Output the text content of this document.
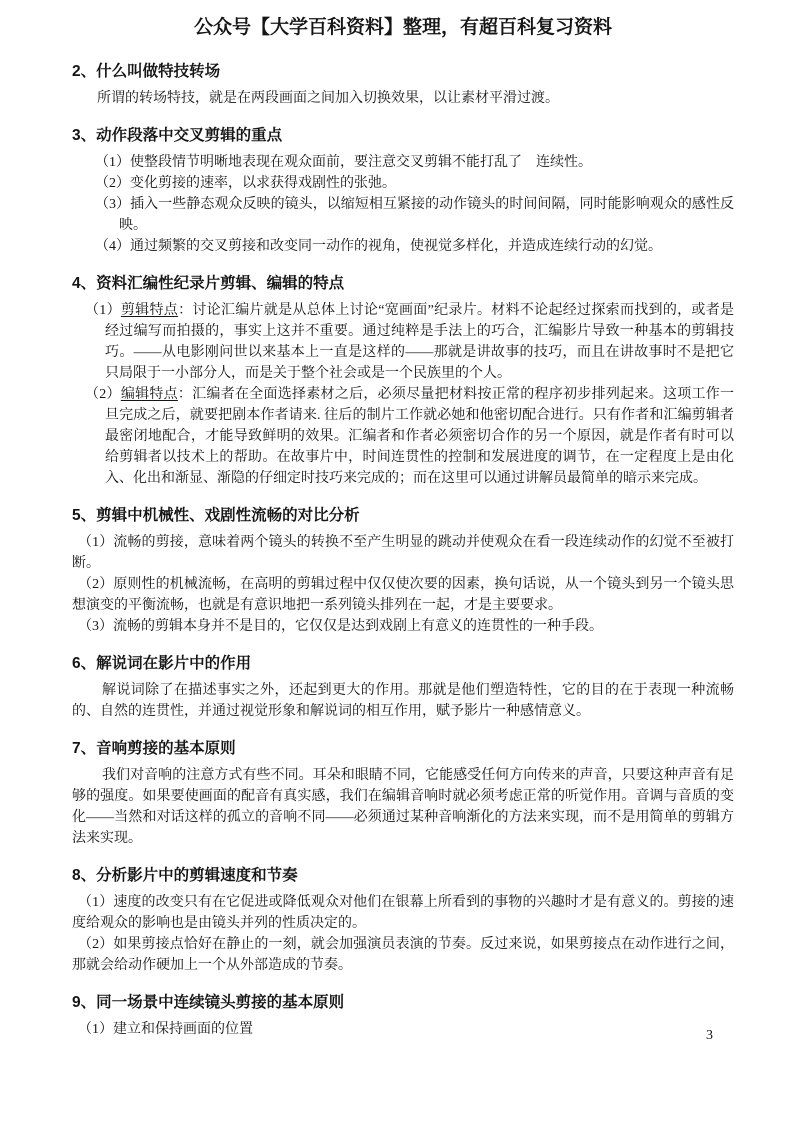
公众号【大学百科资料】整理，有超百科复习资料
2、什么叫做特技转场

所谓的转场特技，就是在两段画面之间加入切换效果，以让素材平滑过渡。

3、动作段落中交叉剪辑的重点

（1）使整段情节明晰地表现在观众面前，要注意交叉剪辑不能打乱了　连续性。

（2）变化剪接的速率，以求获得戏剧性的张弛。

（3）插入一些静态观众反映的镜头，以缩短相互紧接的动作镜头的时间间隔，同时能影响观众的感性反映。

（4）通过频繁的交叉剪接和改变同一动作的视角，使视觉多样化，并造成连续行动的幻觉。

4、资料汇编性纪录片剪辑、编辑的特点

（1）剪辑特点：讨论汇编片就是从总体上讨论“宽画面”纪录片。材料不论起经过探索而找到的，或者是经过编写而拍摄的，事实上这并不重要。通过纯粹是手法上的巧合，汇编影片导致一种基本的剪辑技巧。——从电影刚问世以来基本上一直是这样的——那就是讲故事的技巧，而且在讲故事时不是把它只局限于一小部分人，而是关于整个社会或是一个民族里的个人。

（2）编辑特点：汇编者在全面选择素材之后，必须尽量把材料按正常的程序初步排列起来。这项工作一旦完成之后，就要把剧本作者请来. 往后的制片工作就必她和他密切配合进行。只有作者和汇编剪辑者最密闭地配合，才能导致鲜明的效果。汇编者和作者必须密切合作的另一个原因，就是作者有时可以给剪辑者以技术上的帮助。在故事片中，时间连贯性的控制和发展进度的调节，在一定程度上是由化入、化出和渐显、渐隐的仔细定时技巧来完成的；而在这里可以通过讲解员最简单的暗示来完成。

5、剪辑中机械性、戏剧性流畅的对比分析

（1）流畅的剪接，意味着两个镜头的转换不至产生明显的跳动并使观众在看一段连续动作的幻觉不至被打断。

（2）原则性的机械流畅，在高明的剪辑过程中仅仅使次要的因素，换句话说，从一个镜头到另一个镜头思想演变的平衡流畅，也就是有意识地把一系列镜头排列在一起，才是主要要求。

（3）流畅的剪辑本身并不是目的，它仅仅是达到戏剧上有意义的连贯性的一种手段。

6、解说词在影片中的作用

解说词除了在描述事实之外，还起到更大的作用。那就是他们塑造特性，它的目的在于表现一种流畅的、自然的连贯性，并通过视觉形象和解说词的相互作用，赋予影片一种感情意义。

7、音响剪接的基本原则

我们对音响的注意方式有些不同。耳朵和眼睛不同，它能感受任何方向传来的声音，只要这种声音有足够的强度。如果要使画面的配音有真实感，我们在编辑音响时就必须考虑正常的听觉作用。音调与音质的变化——当然和对话这样的孤立的音响不同——必须通过某种音响渐化的方法来实现，而不是用简单的剪辑方法来实现。

8、分析影片中的剪辑速度和节奏

（1）速度的改变只有在它促进或降低观众对他们在银幕上所看到的事物的兴趣时才是有意义的。剪接的速度给观众的影响也是由镜头并列的性质决定的。

（2）如果剪接点恰好在静止的一刻，就会加强演员表演的节奏。反过来说，如果剪接点在动作进行之间，那就会给动作硬加上一个从外部造成的节奏。

9、同一场景中连续镜头剪接的基本原则

（1）建立和保持画面的位置	3
